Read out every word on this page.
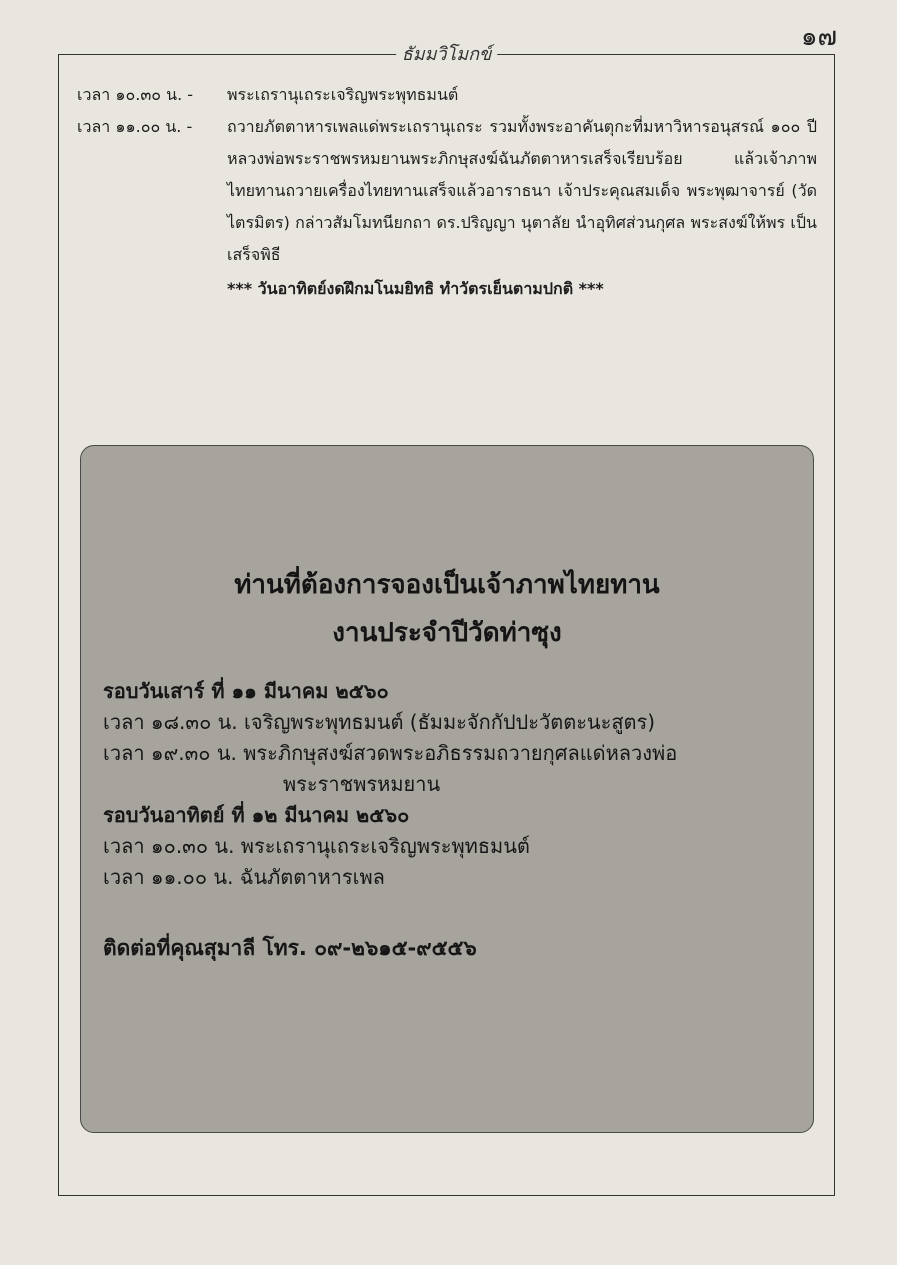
๑๗
ธัมมวิโมกข์
เวลา ๑๐.๓๐ น. -	พระเถรานุเถระเจริญพระพุทธมนต์
เวลา ๑๑.๐๐ น. -	ถวายภัตตาหารเพลแด่พระเถรานุเถระ รวมทั้งพระอาคันตุกะที่มหาวิหารอนุสรณ์ ๑๐๐ ปี หลวงพ่อพระราชพรหมยานพระภิกษุสงฆ์ฉันภัตตาหารเสร็จเรียบร้อย แล้วเจ้าภาพไทยทานถวายเครื่องไทยทานเสร็จแล้วอาราธนา เจ้าประคุณสมเด็จ พระพุฒาจารย์ (วัดไตรมิตร) กล่าวสัมโมทนียกถา ดร.ปริญญา นุตาลัย นำอุทิศส่วนกุศล พระสงฆ์ให้พร เป็นเสร็จพิธี
*** วันอาทิตย์งดฝึกมโนมยิทธิ ทำวัตรเย็นตามปกติ ***
ท่านที่ต้องการจองเป็นเจ้าภาพไทยทาน
งานประจำปีวัดท่าซุง
รอบวันเสาร์ ที่ ๑๑ มีนาคม ๒๕๖๐
เวลา ๑๘.๓๐ น. เจริญพระพุทธมนต์ (ธัมมะจักกัปปะวัตตะนะสูตร)
เวลา ๑๙.๓๐ น. พระภิกษุสงฆ์สวดพระอภิธรรมถวายกุศลแด่หลวงพ่อ
พระราชพรหมยาน
รอบวันอาทิตย์ ที่ ๑๒ มีนาคม ๒๕๖๐
เวลา ๑๐.๓๐ น. พระเถรานุเถระเจริญพระพุทธมนต์
เวลา ๑๑.๐๐ น. ฉันภัตตาหารเพล
ติดต่อที่คุณสุมาลี โทร. ๐๙-๒๖๑๕-๙๕๕๖
